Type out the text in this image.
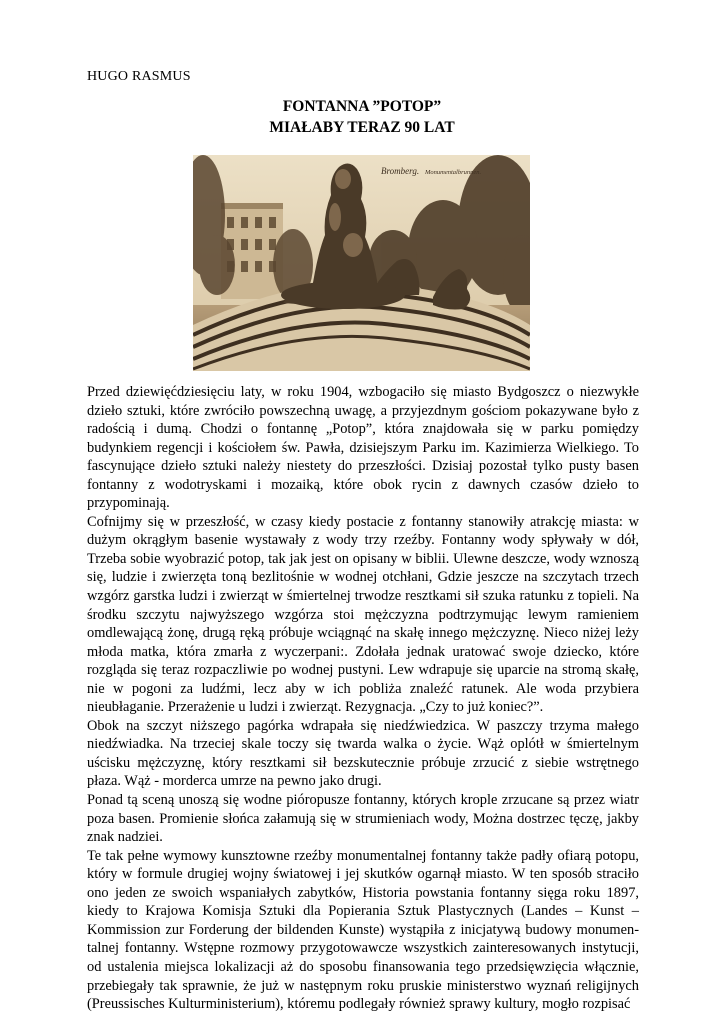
HUGO RASMUS
FONTANNA ”POTOP”
MIAŁABY TERAZ 90 LAT
Bromberg. Monumentalbrunnen.

Przed dziewięćdziesięciu laty, w roku 1904, wzbogaciło się miasto Bydgoszcz o niezwykłe dzieło sztuki, które zwróciło powszechną uwagę, a przyjezdnym gościom pokazywane było z radością i dumą. Chodzi o fontannę „Potop”, która znajdowała się w parku pomiędzy budynkiem regencji i kościołem św. Pawła, dzisiejszym Parku im. Kazimierza Wielkiego. To fascynujące dzieło sztuki należy niestety do przeszłości. Dzisiaj pozostał tylko pusty basen fontanny z wodotryskami i mozaiką, które obok rycin z dawnych czasów dzieło to przypominają.

Cofnijmy się w przeszłość, w czasy kiedy postacie z fontanny stanowiły atrakcję miasta: w dużym okrągłym basenie wystawały z wody trzy rzeźby. Fontanny wody spływały w dół, Trzeba sobie wyobrazić potop, tak jak jest on opisany w biblii. Ulewne deszcze, wody wznoszą się, ludzie i zwierzęta toną bezlitośnie w wodnej otchłani, Gdzie jeszcze na szczytach trzech wzgórz garstka ludzi i zwierząt w śmiertelnej trwodze resztkami sił szuka ratunku z topieli. Na środku szczytu najwyższego wzgórza stoi mężczyzna podtrzymując lewym ramieniem omdlewającą żonę, drugą ręką próbuje wciągnąć na skałę innego mężczyznę. Nieco niżej leży młoda matka, która zmarła z wyczerpani:. Zdołała jednak uratować swoje dziecko, które rozgląda się teraz rozpaczliwie po wodnej pustyni. Lew wdrapuje się uparcie na stromą skałę, nie w pogoni za ludźmi, lecz aby w ich pobliża znaleźć ratunek. Ale woda przybiera nieubłaganie. Przerażenie u ludzi i zwierząt. Rezygnacja. „Czy to już koniec?”.

Obok na szczyt niższego pagórka wdrapała się niedźwiedzica. W paszczy trzyma małego niedźwiadka. Na trzeciej skale toczy się twarda walka o życie. Wąż oplótł w śmiertelnym uścisku mężczyznę, który resztkami sił bezskutecznie próbuje zrzucić z siebie wstrętnego płaza. Wąż - morderca umrze na pewno jako drugi.

Ponad tą sceną unoszą się wodne pióropusze fontanny, których krople zrzucane są przez wiatr poza basen. Promienie słońca załamują się w strumieniach wody, Można dostrzec tęczę, jakby znak nadziei.

Te tak pełne wymowy kunsztowne rzeźby monumentalnej fontanny także padły ofiarą potopu, który w formule drugiej wojny światowej i jej skutków ogarnął miasto. W ten sposób straciło ono jeden ze swoich wspaniałych zabytków, Historia powstania fontanny sięga roku 1897, kiedy to Krajowa Komisja Sztuki dla Popierania Sztuk Plastycznych (Landes – Kunst – Kommission zur Forderung der bildenden Kunste) wystąpiła z inicjatywą budowy monumen-talnej fontanny. Wstępne rozmowy przygotowawcze wszystkich zainteresowanych instytucji, od ustalenia miejsca lokalizacji aż do sposobu finansowania tego przedsięwzięcia włącznie, przebiegały tak sprawnie, że już w następnym roku pruskie ministerstwo wyznań religijnych (Preussisches Kulturministerium), któremu podlegały również sprawy kultury, mogło rozpisać
